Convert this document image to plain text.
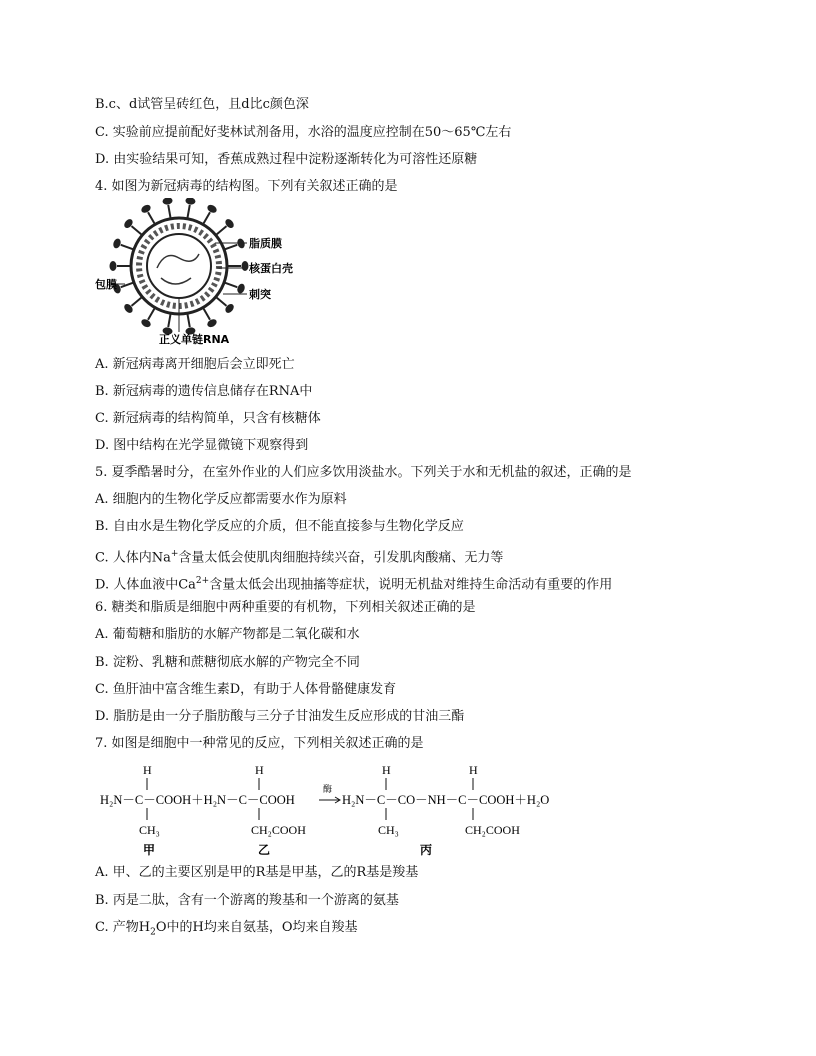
B.c、d试管呈砖红色，且d比c颜色深
C. 实验前应提前配好斐林试剂备用，水浴的温度应控制在50～65℃左右
D. 由实验结果可知，香蕉成熟过程中淀粉逐渐转化为可溶性还原糖
4. 如图为新冠病毒的结构图。下列有关叙述正确的是
脂质膜
核蛋白壳
刺突
包膜
正义单链RNA
A. 新冠病毒离开细胞后会立即死亡
B. 新冠病毒的遗传信息储存在RNA中
C. 新冠病毒的结构简单，只含有核糖体
D. 图中结构在光学显微镜下观察得到
5. 夏季酷暑时分，在室外作业的人们应多饮用淡盐水。下列关于水和无机盐的叙述，正确的是
A. 细胞内的生物化学反应都需要水作为原料
B. 自由水是生物化学反应的介质，但不能直接参与生物化学反应
C. 人体内Na+含量太低会使肌肉细胞持续兴奋，引发肌肉酸痛、无力等
D. 人体血液中$Ca^{2+}$含量太低会出现抽搐等症状，说明无机盐对维持生命活动有重要的作用
6. 糖类和脂质是细胞中两种重要的有机物，下列相关叙述正确的是
A. 葡萄糖和脂肪的水解产物都是二氧化碳和水
B. 淀粉、乳糖和蔗糖彻底水解的产物完全不同
C. 鱼肝油中富含维生素D，有助于人体骨骼健康发育
D. 脂肪是由一分子脂肪酸与三分子甘油发生反应形成的甘油三酯
7. 如图是细胞中一种常见的反应，下列相关叙述正确的是
H	H	H	H
H₂N－C－COOH＋H₂N－C－COOH
酶
H₂N－C－CO－NH－C－COOH＋H₂O
CH₃	CH₂COOH	CH₃	CH₂COOH
甲	乙	丙
A. 甲、乙的主要区别是甲的R基是甲基，乙的R基是羧基
B. 丙是二肽，含有一个游离的羧基和一个游离的氨基
C. 产物$H_2O$中的H均来自氨基，O均来自羧基
